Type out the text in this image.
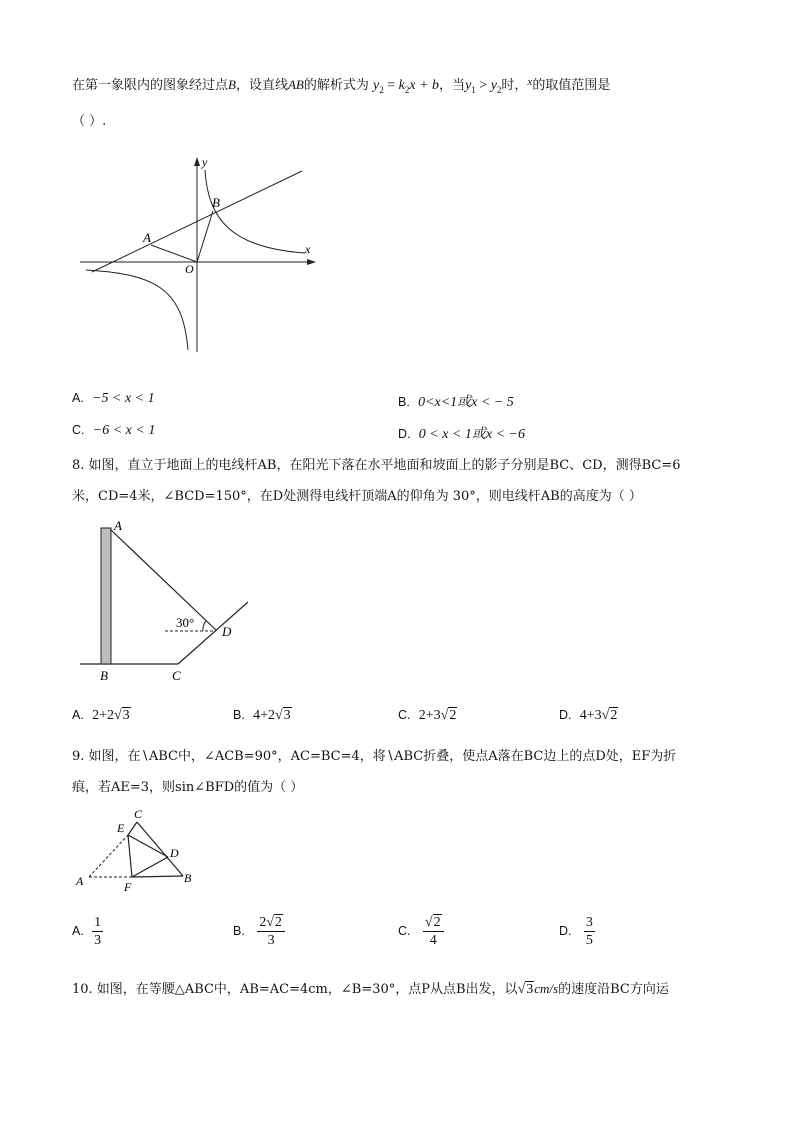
在第一象限内的图象经过点B，设直线AB的解析式为 $y_2 = k_2x + b$，当$y_1 > y_2$时，$^x$的取值范围是
（ ）.
y
x
A
B
O
A. −5 < x < 1	B. 0<x<1或x < − 5
C. −6 < x < 1	D. 0 < x < 1或x < −6
8. 如图，直立于地面上的电线杆AB，在阳光下落在水平地面和坡面上的影子分别是BC、CD，测得BC=6
米，CD=4米，∠BCD=150°，在D处测得电线杆顶端A的仰角为 30°，则电线杆AB的高度为（ ）
30°
A
B	C
D
A. 2+2√3	B. 4+2√3	C. 2+3√2	D. 4+3√2
9. 如图，在∖ABC中，∠ACB=90°，AC=BC=4，将∖ABC折叠，使点A落在BC边上的点D处，EF为折
痕，若AE=3，则sin∠BFD的值为（ ）
C
E
D
A	F
B
A. $\frac{1}{3}$	B. $\frac{2√2}{3}$	C. $\frac{√2}{4}$	D. $\frac{3}{5}$
10. 如图，在等腰△ABC中，AB=AC=4cm，∠B=30°，点P从点B出发，以√3cm/s的速度沿BC方向运
